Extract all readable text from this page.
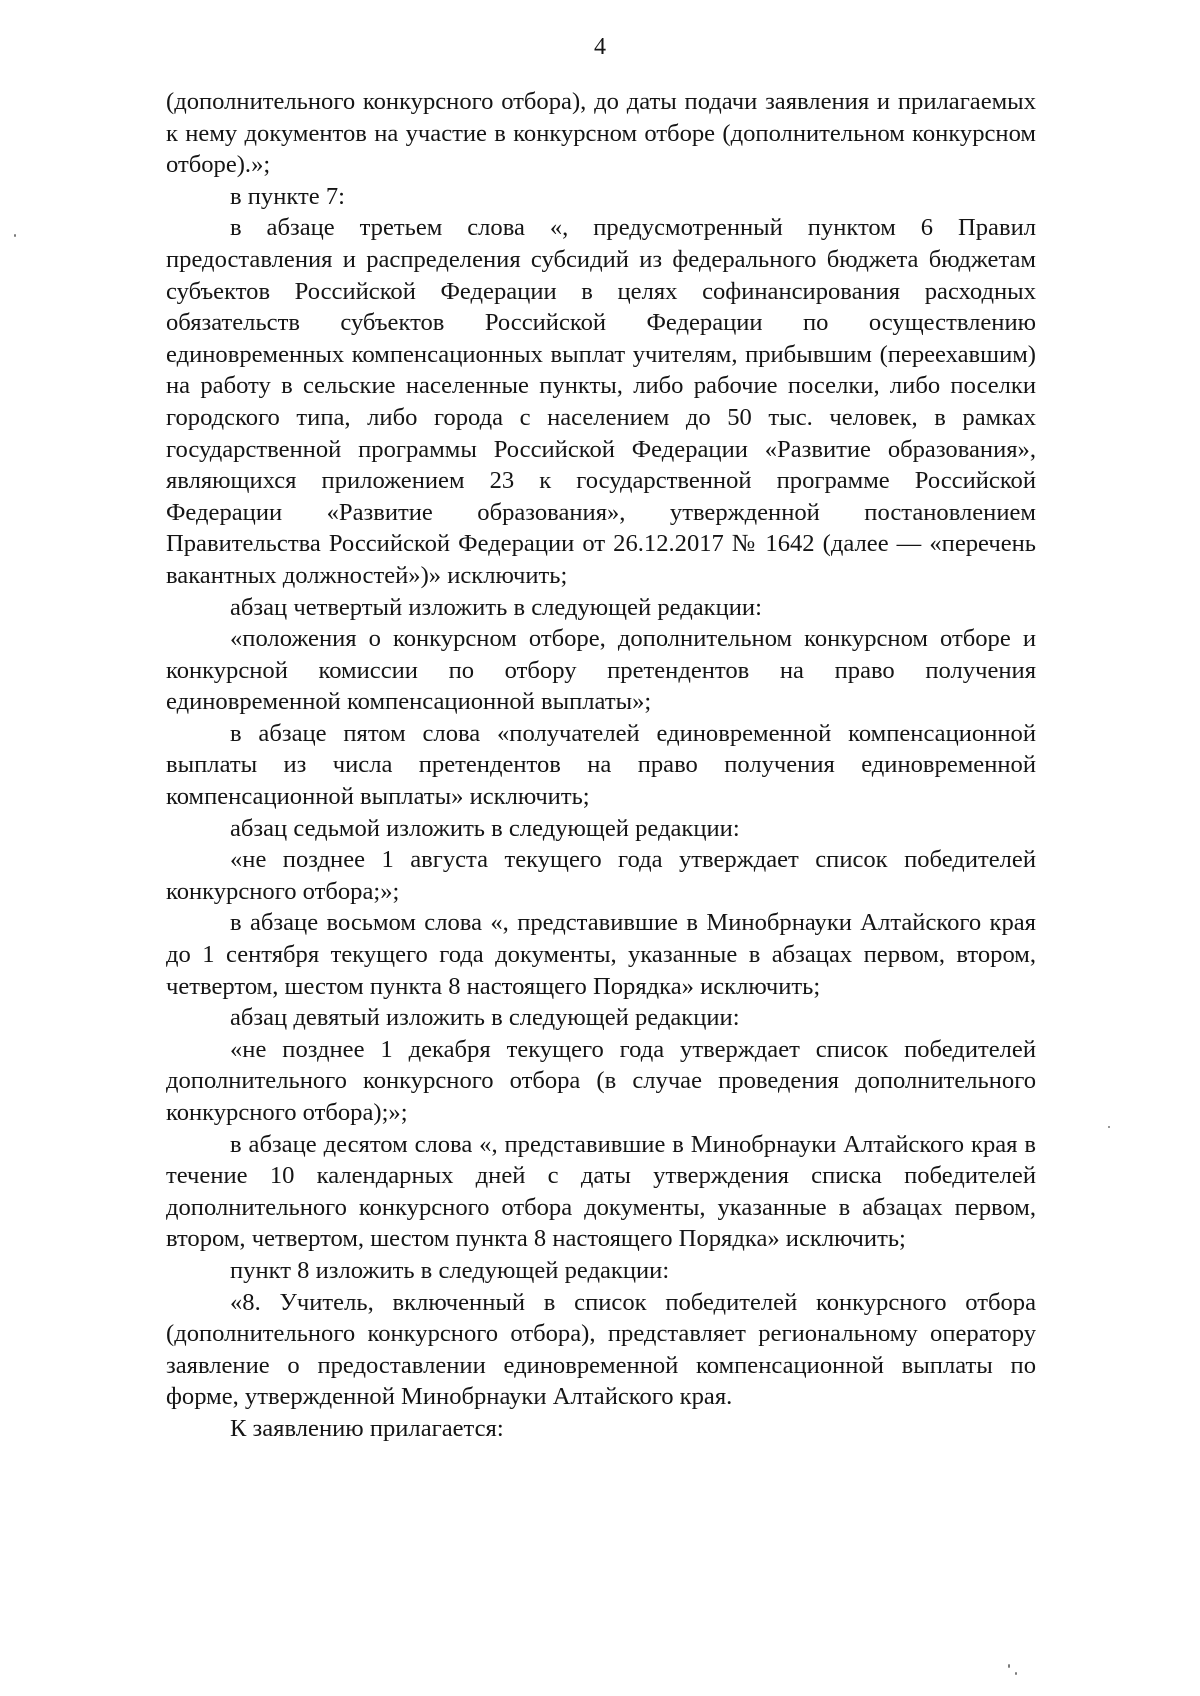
4

(дополнительного конкурсного отбора), до даты подачи заявления и прилагаемых к нему документов на участие в конкурсном отборе (дополнительном конкурсном отборе).»;

в пункте 7:

в абзаце третьем слова «, предусмотренный пунктом 6 Правил предоставления и распределения субсидий из федерального бюджета бюджетам субъектов Российской Федерации в целях софинансирования расходных обязательств субъектов Российской Федерации по осуществлению единовременных компенсационных выплат учителям, прибывшим (переехавшим) на работу в сельские населенные пункты, либо рабочие поселки, либо поселки городского типа, либо города с населением до 50 тыс. человек, в рамках государственной программы Российской Федерации «Развитие образования», являющихся приложением 23 к государственной программе Российской Федерации «Развитие образования», утвержденной постановлением Правительства Российской Федерации от 26.12.2017 № 1642 (далее — «перечень вакантных должностей»)» исключить;

абзац четвертый изложить в следующей редакции:

«положения о конкурсном отборе, дополнительном конкурсном отборе и конкурсной комиссии по отбору претендентов на право получения единовременной компенсационной выплаты»;

в абзаце пятом слова «получателей единовременной компенсационной выплаты из числа претендентов на право получения единовременной компенсационной выплаты» исключить;

абзац седьмой изложить в следующей редакции:

«не позднее 1 августа текущего года утверждает список победителей конкурсного отбора;»;

в абзаце восьмом слова «, представившие в Минобрнауки Алтайского края до 1 сентября текущего года документы, указанные в абзацах первом, втором, четвертом, шестом пункта 8 настоящего Порядка» исключить;

абзац девятый изложить в следующей редакции:

«не позднее 1 декабря текущего года утверждает список победителей дополнительного конкурсного отбора (в случае проведения дополнительного конкурсного отбора);»;

в абзаце десятом слова «, представившие в Минобрнауки Алтайского края в течение 10 календарных дней с даты утверждения списка победителей дополнительного конкурсного отбора документы, указанные в абзацах первом, втором, четвертом, шестом пункта 8 настоящего Порядка» исключить;

пункт 8 изложить в следующей редакции:

«8. Учитель, включенный в список победителей конкурсного отбора (дополнительного конкурсного отбора), представляет региональному оператору заявление о предоставлении единовременной компенсационной выплаты по форме, утвержденной Минобрнауки Алтайского края.

К заявлению прилагается:
